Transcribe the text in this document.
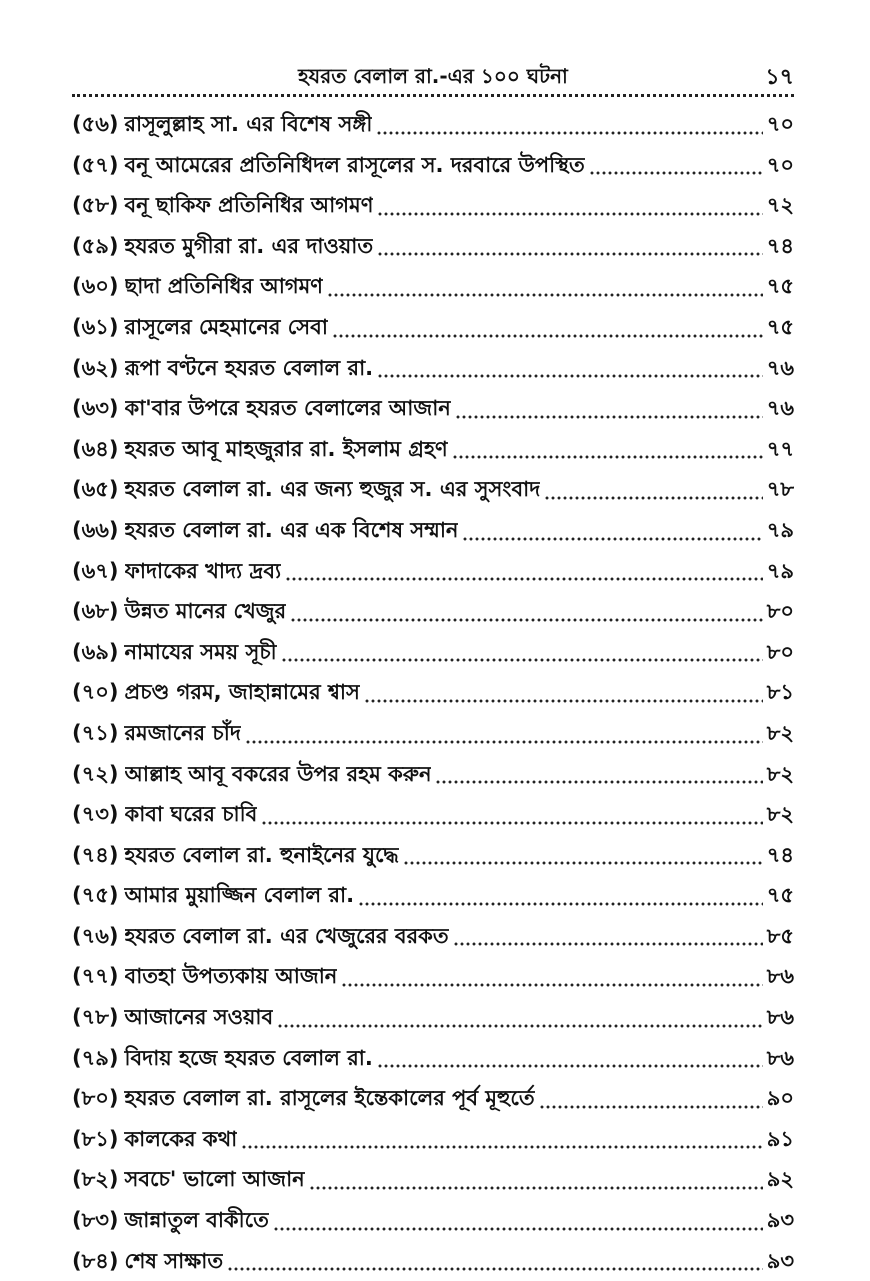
হযরত বেলাল রা.-এর ১০০ ঘটনা	১৭
(৫৬) রাসূলুল্লাহ সা. এর বিশেষ সঙ্গী	৭০
(৫৭) বনূ আমেরের প্রতিনিধিদল রাসূলের স. দরবারে উপস্থিত	৭০
(৫৮) বনূ ছাকিফ প্রতিনিধির আগমণ	৭২
(৫৯) হযরত মুগীরা রা. এর দাওয়াত	৭৪
(৬০) ছাদা প্রতিনিধির আগমণ	৭৫
(৬১) রাসূলের মেহমানের সেবা	৭৫
(৬২) রূপা বণ্টনে হযরত বেলাল রা.	৭৬
(৬৩) কা'বার উপরে হযরত বেলালের আজান	৭৬
(৬৪) হযরত আবূ মাহজুরার রা. ইসলাম গ্রহণ	৭৭
(৬৫) হযরত বেলাল রা. এর জন্য হুজুর স. এর সুসংবাদ	৭৮
(৬৬) হযরত বেলাল রা. এর এক বিশেষ সম্মান	৭৯
(৬৭) ফাদাকের খাদ্য দ্রব্য	৭৯
(৬৮) উন্নত মানের খেজুর	৮০
(৬৯) নামাযের সময় সূচী	৮০
(৭০) প্রচণ্ড গরম, জাহান্নামের শ্বাস	৮১
(৭১) রমজানের চাঁদ	৮২
(৭২) আল্লাহ আবূ বকরের উপর রহম করুন	৮২
(৭৩) কাবা ঘরের চাবি	৮২
(৭৪) হযরত বেলাল রা. হুনাইনের যুদ্ধে	৭৪
(৭৫) আমার মুয়াজ্জিন বেলাল রা.	৭৫
(৭৬) হযরত বেলাল রা. এর খেজুরের বরকত	৮৫
(৭৭) বাতহা উপত্যকায় আজান	৮৬
(৭৮) আজানের সওয়াব	৮৬
(৭৯) বিদায় হজে হযরত বেলাল রা.	৮৬
(৮০) হযরত বেলাল রা. রাসূলের ইন্তেকালের পূর্ব মূহুর্তে	৯০
(৮১) কালকের কথা	৯১
(৮২) সবচে' ভালো আজান	৯২
(৮৩) জান্নাতুল বাকীতে	৯৩
(৮৪) শেষ সাক্ষাত	৯৩
